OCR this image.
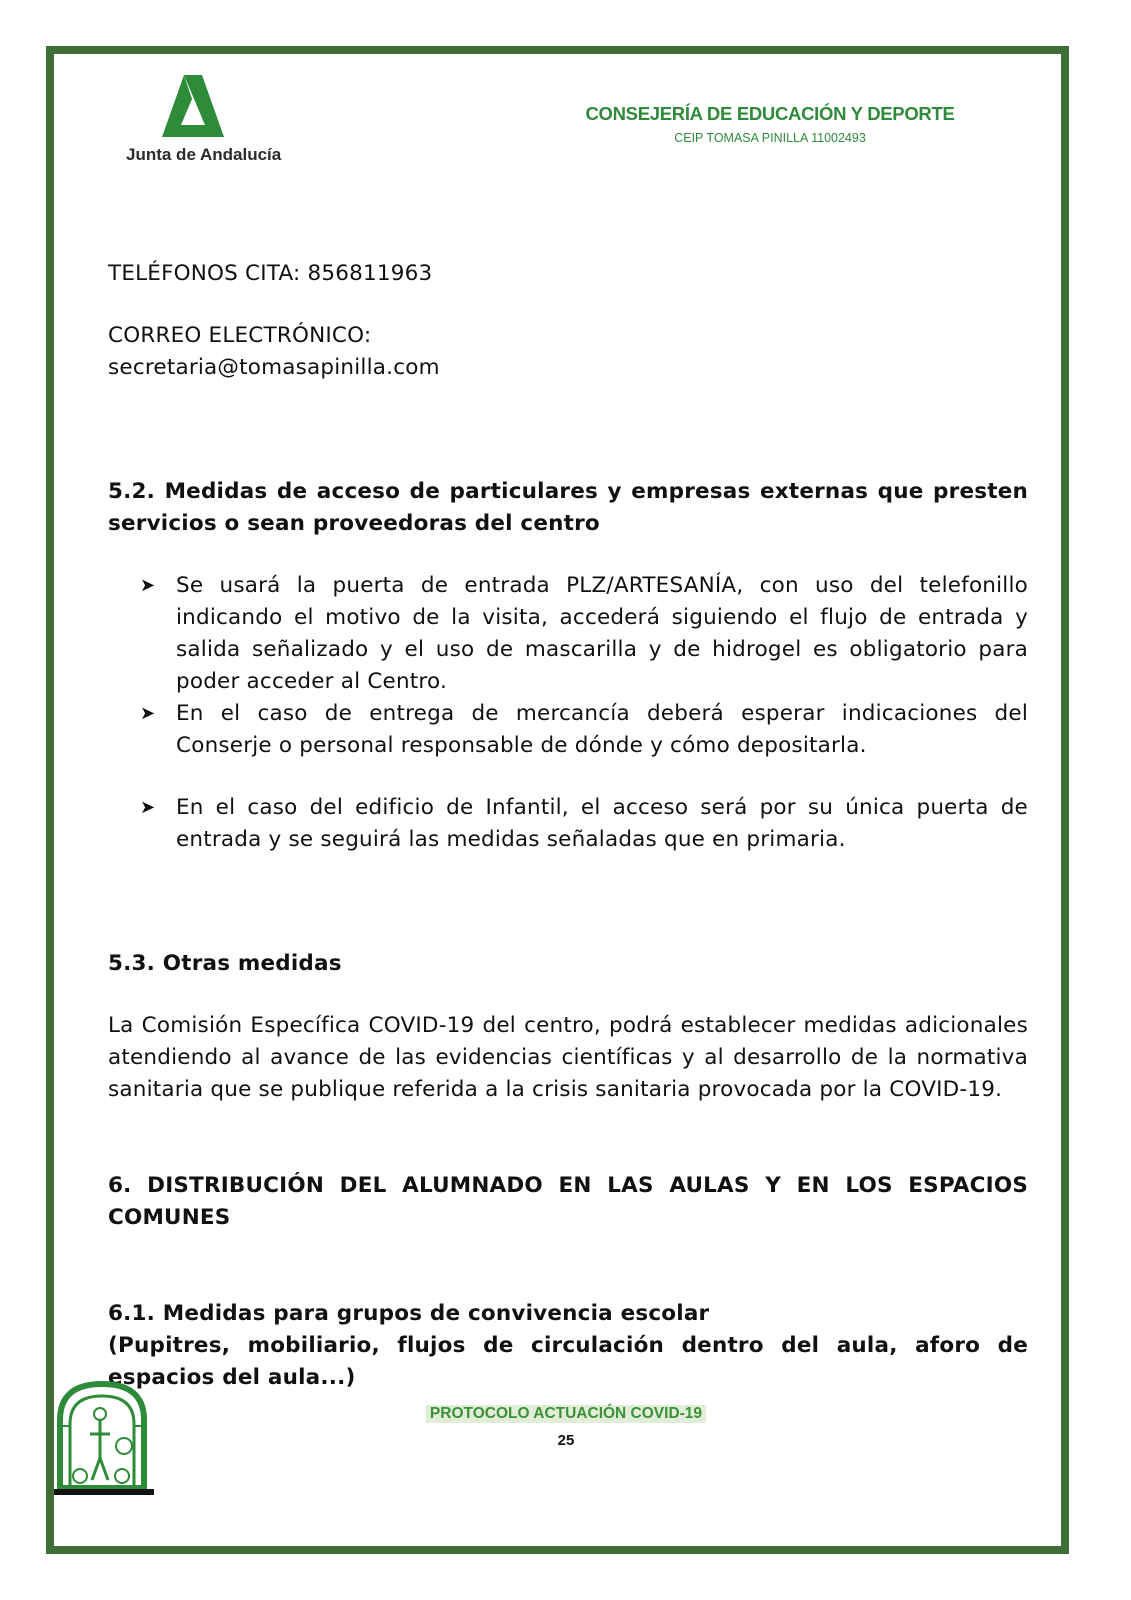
Junta de Andalucía
CONSEJERÍA DE EDUCACIÓN Y DEPORTE
CEIP TOMASA PINILLA 11002493

TELÉFONOS CITA: 856811963

CORREO ELECTRÓNICO:

secretaria@tomasapinilla.com

5.2. Medidas de acceso de particulares y empresas externas que presten servicios o sean proveedoras del centro

➤ Se usará la puerta de entrada PLZ/ARTESANÍA, con uso del telefonillo indicando el motivo de la visita, accederá siguiendo el flujo de entrada y salida señalizado y el uso de mascarilla y de hidrogel es obligatorio para poder acceder al Centro.
➤ En el caso de entrega de mercancía deberá esperar indicaciones del Conserje o personal responsable de dónde y cómo depositarla.
➤ En el caso del edificio de Infantil, el acceso será por su única puerta de entrada y se seguirá las medidas señaladas que en primaria.

5.3. Otras medidas

La Comisión Específica COVID-19 del centro, podrá establecer medidas adicionales atendiendo al avance de las evidencias científicas y al desarrollo de la normativa sanitaria que se publique referida a la crisis sanitaria provocada por la COVID-19.

6. DISTRIBUCIÓN DEL ALUMNADO EN LAS AULAS Y EN LOS ESPACIOS COMUNES

6.1. Medidas para grupos de convivencia escolar

(Pupitres, mobiliario, flujos de circulación dentro del aula, aforo de espacios del aula...)

PROTOCOLO ACTUACIÓN COVID-19
25
